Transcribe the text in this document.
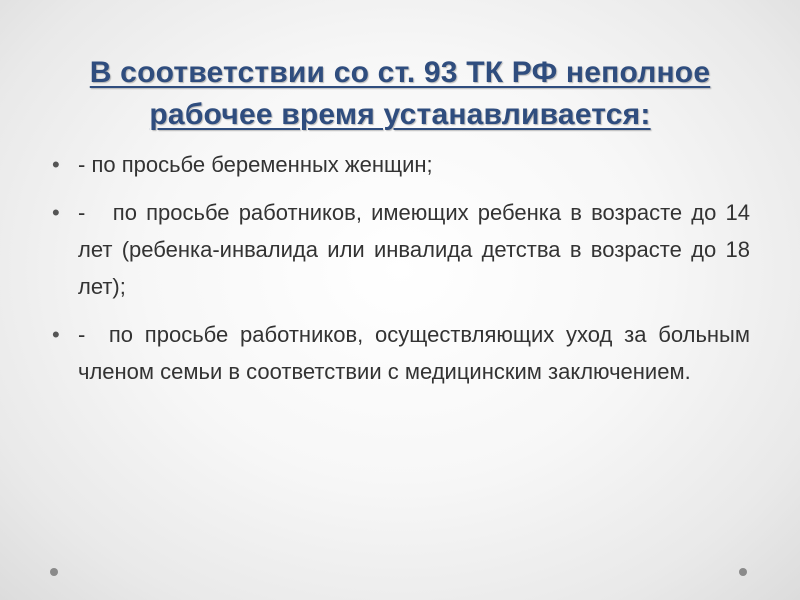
В соответствии со ст. 93 ТК РФ неполное рабочее время устанавливается:
• - по просьбе беременных женщин;
• -   по просьбе работников, имеющих ребенка в возрасте до 14 лет (ребенка-инвалида или инвалида детства в возрасте до 18 лет);
• -  по просьбе работников, осуществляющих уход за больным членом семьи в соответствии с медицинским заключением.
